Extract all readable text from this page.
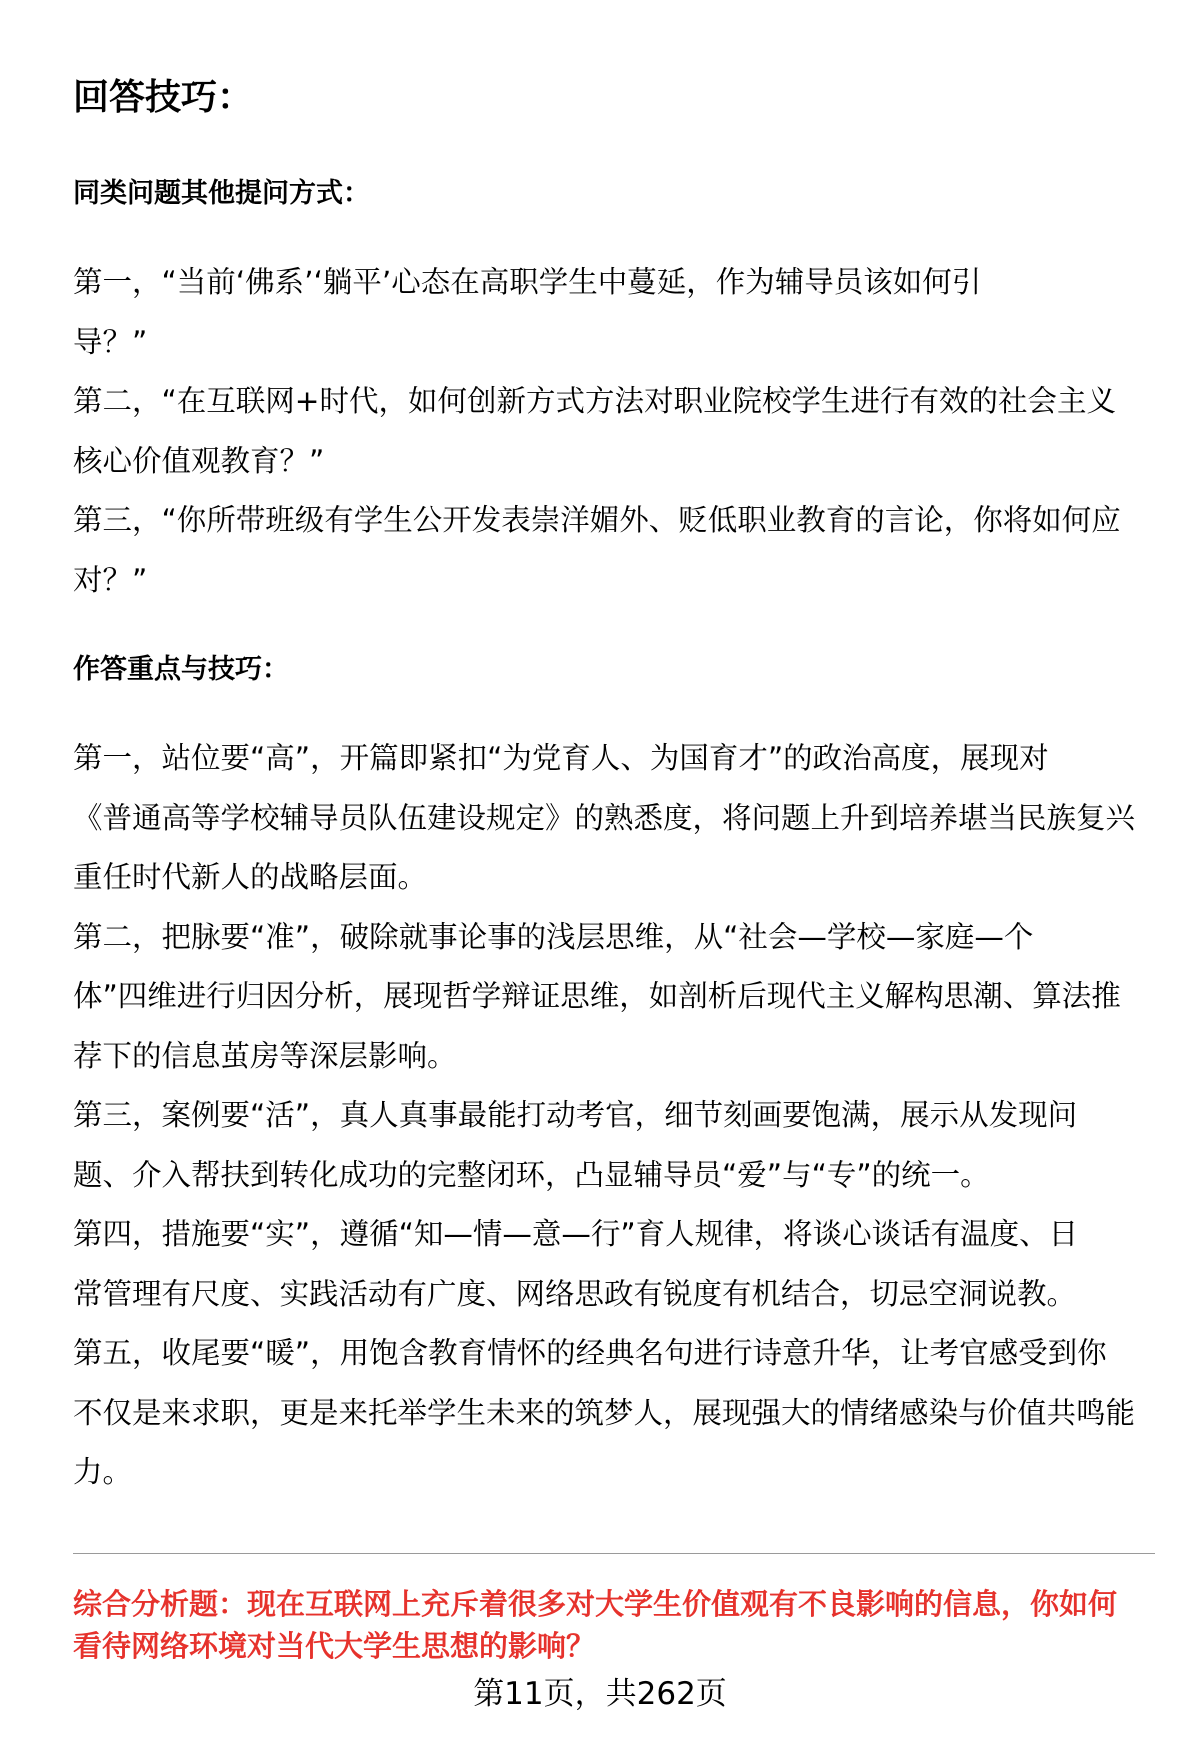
回答技巧：
同类问题其他提问方式：
第一，“当前‘佛系’‘躺平’心态在高职学生中蔓延，作为辅导员该如何引
导？”
第二，“在互联网+时代，如何创新方式方法对职业院校学生进行有效的社会主义
核心价值观教育？”
第三，“你所带班级有学生公开发表崇洋媚外、贬低职业教育的言论，你将如何应
对？”
作答重点与技巧：
第一，站位要“高”，开篇即紧扣“为党育人、为国育才”的政治高度，展现对
《普通高等学校辅导员队伍建设规定》的熟悉度，将问题上升到培养堪当民族复兴
重任时代新人的战略层面。
第二，把脉要“准”，破除就事论事的浅层思维，从“社会—学校—家庭—个
体”四维进行归因分析，展现哲学辩证思维，如剖析后现代主义解构思潮、算法推
荐下的信息茧房等深层影响。
第三，案例要“活”，真人真事最能打动考官，细节刻画要饱满，展示从发现问
题、介入帮扶到转化成功的完整闭环，凸显辅导员“爱”与“专”的统一。
第四，措施要“实”，遵循“知—情—意—行”育人规律，将谈心谈话有温度、日
常管理有尺度、实践活动有广度、网络思政有锐度有机结合，切忌空洞说教。
第五，收尾要“暖”，用饱含教育情怀的经典名句进行诗意升华，让考官感受到你
不仅是来求职，更是来托举学生未来的筑梦人，展现强大的情绪感染与价值共鸣能
力。
综合分析题：现在互联网上充斥着很多对大学生价值观有不良影响的信息，你如何
看待网络环境对当代大学生思想的影响？
第11页，共262页
